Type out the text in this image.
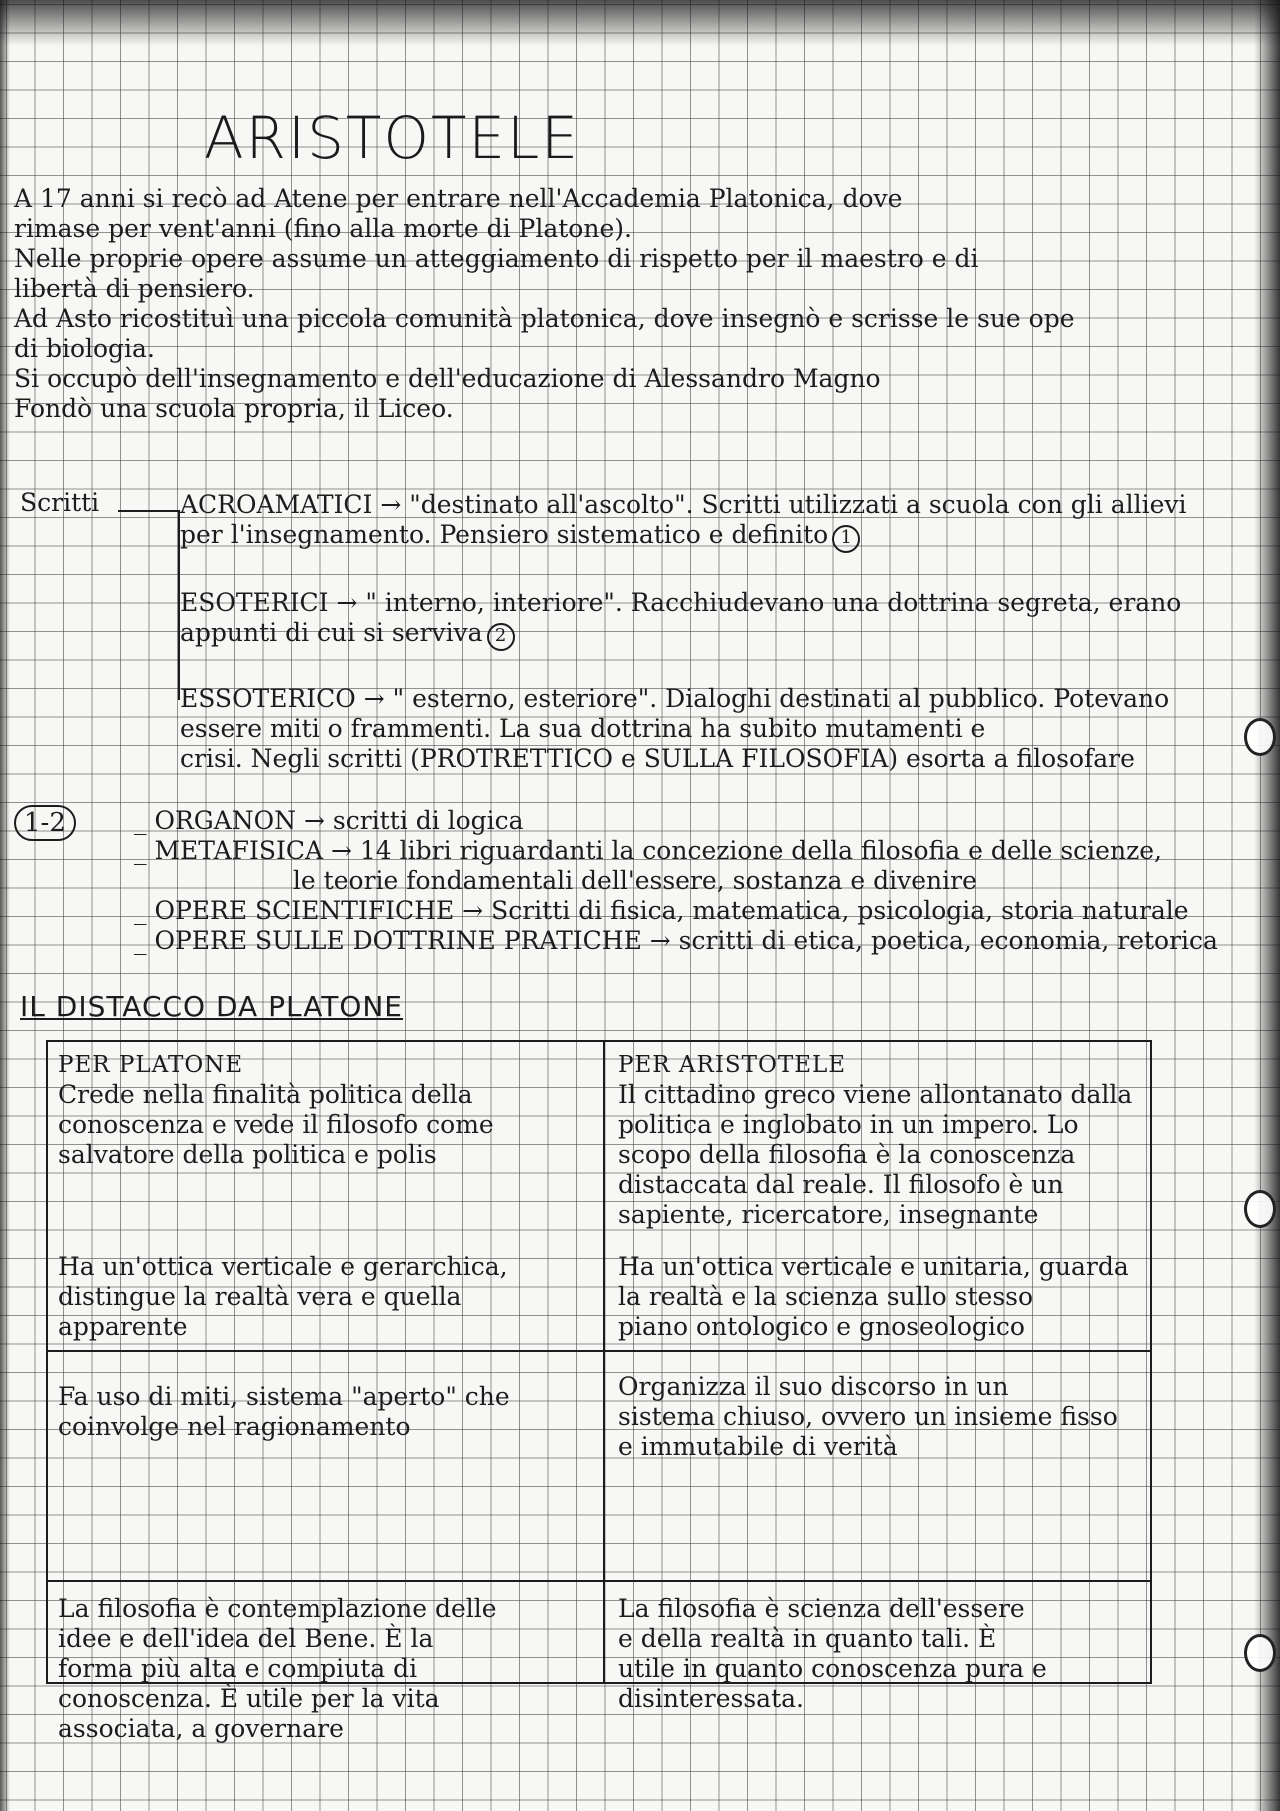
ARISTOTELE
A 17 anni si recò ad Atene per entrare nell'Accademia Platonica, dove
rimase per vent'anni (fino alla morte di Platone).
Nelle proprie opere assume un atteggiamento di rispetto per il maestro e di
libertà di pensiero.
Ad Asto ricostituì una piccola comunità platonica, dove insegnò e scrisse le sue ope
di biologia.
Si occupò dell'insegnamento e dell'educazione di Alessandro Magno
Fondò una scuola propria, il Liceo.
Scritti	ACROAMATICI → "destinato all'ascolto". Scritti utilizzati a scuola con gli allievi
per l'insegnamento. Pensiero sistematico e definito 1
ESOTERICI → " interno, interiore". Racchiudevano una dottrina segreta, erano
appunti di cui si serviva 2
ESSOTERICO → " esterno, esteriore". Dialoghi destinati al pubblico. Potevano
essere miti o frammenti. La sua dottrina ha subito mutamenti e
crisi. Negli scritti (PROTRETTICO e SULLA FILOSOFIA) esorta a filosofare
1-2	_ ORGANON → scritti di logica
_ METAFISICA → 14 libri riguardanti la concezione della filosofia e delle scienze,
le teorie fondamentali dell'essere, sostanza e divenire
_ OPERE SCIENTIFICHE → Scritti di fisica, matematica, psicologia, storia naturale
_ OPERE SULLE DOTTRINE PRATICHE → scritti di etica, poetica, economia, retorica
IL DISTACCO DA PLATONE
PER PLATONE
Crede nella finalità politica della
conoscenza e vede il filosofo come
salvatore della politica e polis
PER ARISTOTELE
Il cittadino greco viene allontanato dalla
politica e inglobato in un impero. Lo
scopo della filosofia è la conoscenza
distaccata dal reale. Il filosofo è un
sapiente, ricercatore, insegnante
Ha un'ottica verticale e gerarchica,
distingue la realtà vera e quella
apparente
Ha un'ottica verticale e unitaria, guarda
la realtà e la scienza sullo stesso
piano ontologico e gnoseologico
Fa uso di miti, sistema "aperto" che
coinvolge nel ragionamento
Organizza il suo discorso in un
sistema chiuso, ovvero un insieme fisso
e immutabile di verità
La filosofia è contemplazione delle
idee e dell'idea del Bene. È la
forma più alta e compiuta di
conoscenza. È utile per la vita
associata, a governare
La filosofia è scienza dell'essere
e della realtà in quanto tali. È
utile in quanto conoscenza pura e
disinteressata.
